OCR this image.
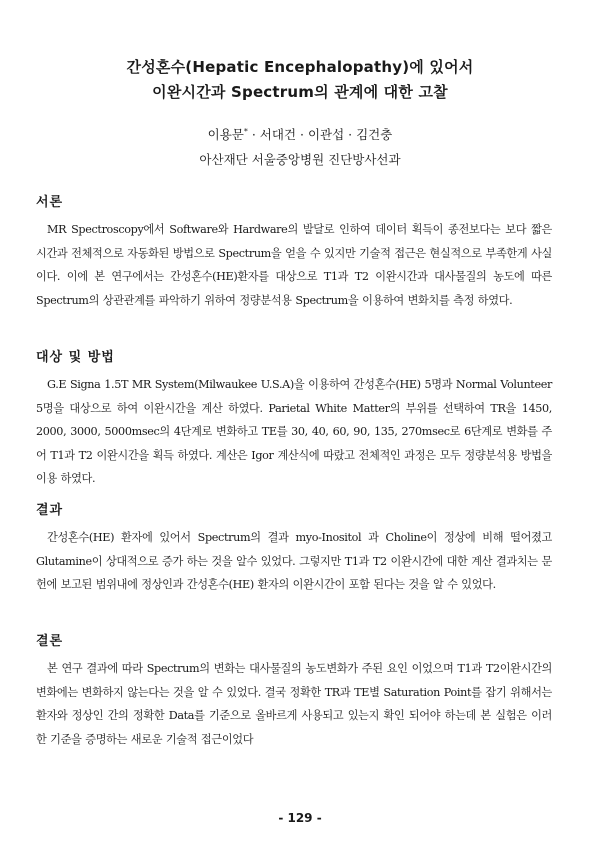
간성혼수(Hepatic Encephalopathy)에 있어서
이완시간과 Spectrum의 관계에 대한 고찰
이용문* · 서대건 · 이관섭 · 김건충
아산재단 서울중앙병원 진단방사선과
서론

MR Spectroscopy에서 Software와 Hardware의 발달로 인하여 데이터 획득이 종전보다는 보다 짧은 시간과 전체적으로 자동화된 방법으로 Spectrum을 얻을 수 있지만 기술적 접근은 현실적으로 부족한게 사실이다. 이에 본 연구에서는 간성혼수(HE)환자를 대상으로 T1과 T2 이완시간과 대사물질의 농도에 따른 Spectrum의 상관관계를 파악하기 위하여 정량분석용 Spectrum을 이용하여 변화치를 측정 하였다.

대상 및 방법

G.E Signa 1.5T MR System(Milwaukee U.S.A)을 이용하여 간성혼수(HE) 5명과 Normal Volunteer 5명을 대상으로 하여 이완시간을 계산 하였다. Parietal White Matter의 부위를 선택하여 TR을 1450, 2000, 3000, 5000msec의 4단계로 변화하고 TE를 30, 40, 60, 90, 135, 270msec로 6단계로 변화를 주어 T1과 T2 이완시간을 획득 하였다. 계산은 Igor 계산식에 따랐고 전체적인 과정은 모두 정량분석용 방법을 이용 하였다.

결과

간성혼수(HE) 환자에 있어서 Spectrum의 결과 myo-Inositol 과 Choline이 정상에 비해 떨어졌고 Glutamine이 상대적으로 증가 하는 것을 알수 있었다. 그렇지만 T1과 T2 이완시간에 대한 계산 결과치는 문헌에 보고된 범위내에 정상인과 간성혼수(HE) 환자의 이완시간이 포함 된다는 것을 알 수 있었다.

결론

본 연구 결과에 따라 Spectrum의 변화는 대사물질의 농도변화가 주된 요인 이었으며 T1과 T2이완시간의 변화에는 변화하지 않는다는 것을 알 수 있었다. 결국 정확한 TR과 TE별 Saturation Point를 잡기 위해서는 환자와 정상인 간의 정확한 Data를 기준으로 올바르게 사용되고 있는지 확인 되어야 하는데 본 실험은 이러한 기준을 증명하는 새로운 기술적 접근이었다

- 129 -
